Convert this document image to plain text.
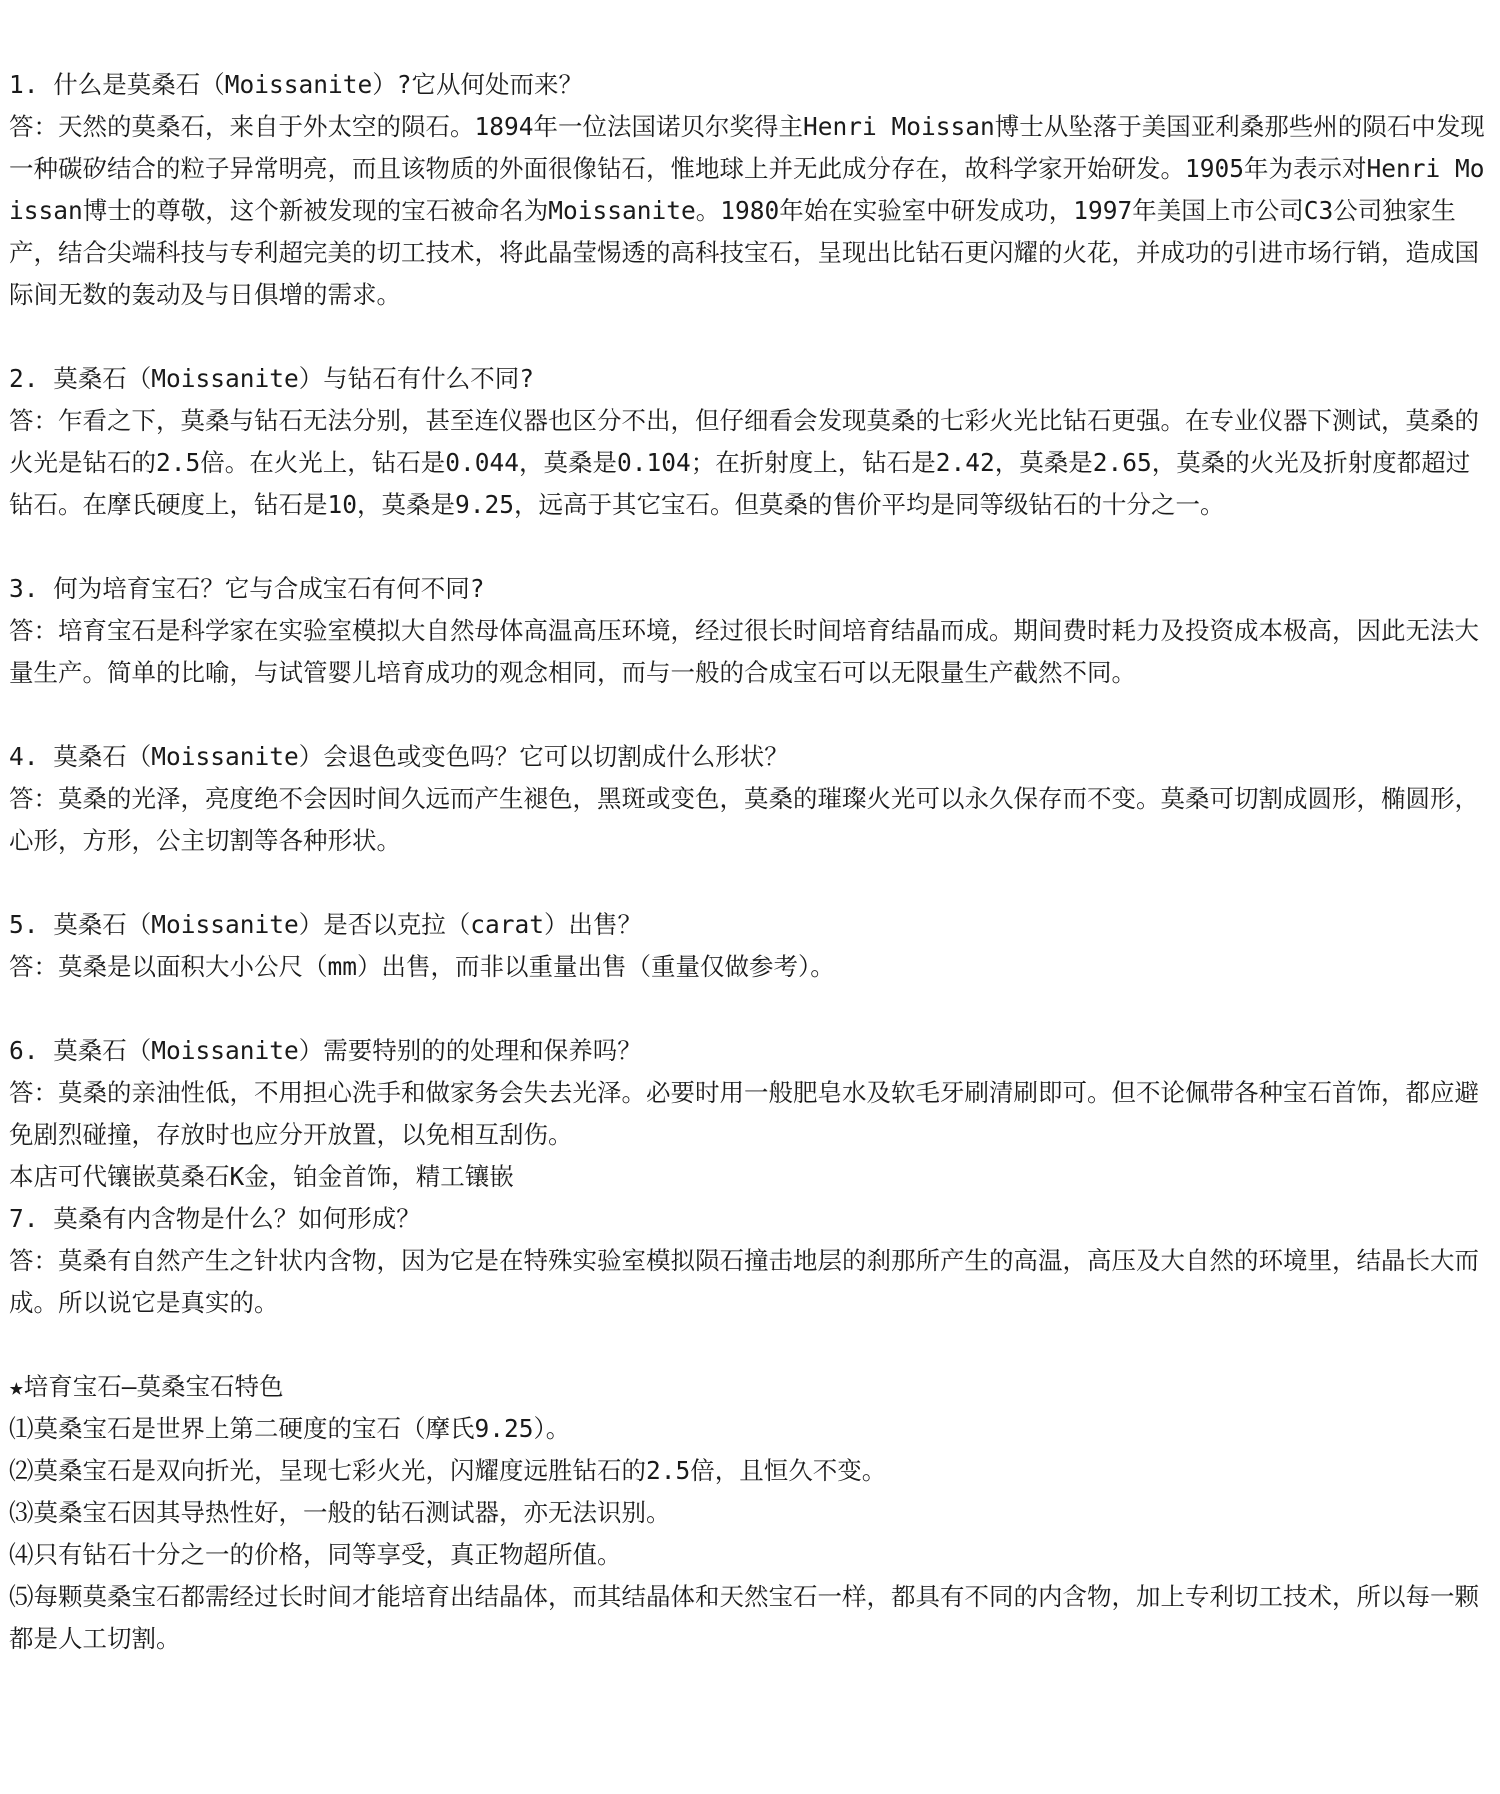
1. 什么是莫桑石（Moissanite）?它从何处而来？
答：天然的莫桑石，来自于外太空的陨石。1894年一位法国诺贝尔奖得主Henri Moissan博士从坠落于美国亚利桑那些州的陨石中发现一种碳矽结合的粒子异常明亮，而且该物质的外面很像钻石，惟地球上并无此成分存在，故科学家开始研发。1905年为表示对Henri Moissan博士的尊敬，这个新被发现的宝石被命名为Moissanite。1980年始在实验室中研发成功，1997年美国上市公司C3公司独家生产，结合尖端科技与专利超完美的切工技术，将此晶莹惕透的高科技宝石，呈现出比钻石更闪耀的火花，并成功的引进市场行销，造成国际间无数的轰动及与日俱增的需求。
2. 莫桑石（Moissanite）与钻石有什么不同?
答：乍看之下，莫桑与钻石无法分别，甚至连仪器也区分不出，但仔细看会发现莫桑的七彩火光比钻石更强。在专业仪器下测试，莫桑的火光是钻石的2.5倍。在火光上，钻石是0.044，莫桑是0.104；在折射度上，钻石是2.42，莫桑是2.65，莫桑的火光及折射度都超过钻石。在摩氏硬度上，钻石是10，莫桑是9.25，远高于其它宝石。但莫桑的售价平均是同等级钻石的十分之一。
3. 何为培育宝石？它与合成宝石有何不同?
答：培育宝石是科学家在实验室模拟大自然母体高温高压环境，经过很长时间培育结晶而成。期间费时耗力及投资成本极高，因此无法大量生产。简单的比喻，与试管婴儿培育成功的观念相同，而与一般的合成宝石可以无限量生产截然不同。
4. 莫桑石（Moissanite）会退色或变色吗？它可以切割成什么形状？
答：莫桑的光泽，亮度绝不会因时间久远而产生褪色，黑斑或变色，莫桑的璀璨火光可以永久保存而不变。莫桑可切割成圆形，椭圆形，心形，方形，公主切割等各种形状。
5. 莫桑石（Moissanite）是否以克拉（carat）出售？
答：莫桑是以面积大小公尺（mm）出售，而非以重量出售（重量仅做参考）。
6. 莫桑石（Moissanite）需要特别的的处理和保养吗？
答：莫桑的亲油性低，不用担心洗手和做家务会失去光泽。必要时用一般肥皂水及软毛牙刷清刷即可。但不论佩带各种宝石首饰，都应避免剧烈碰撞，存放时也应分开放置，以免相互刮伤。
本店可代镶嵌莫桑石K金，铂金首饰，精工镶嵌
7. 莫桑有内含物是什么？如何形成？
答：莫桑有自然产生之针状内含物，因为它是在特殊实验室模拟陨石撞击地层的刹那所产生的高温，高压及大自然的环境里，结晶长大而成。所以说它是真实的。
★培育宝石—莫桑宝石特色
⑴莫桑宝石是世界上第二硬度的宝石（摩氏9.25）。
⑵莫桑宝石是双向折光，呈现七彩火光，闪耀度远胜钻石的2.5倍，且恒久不变。
⑶莫桑宝石因其导热性好，一般的钻石测试器，亦无法识别。
⑷只有钻石十分之一的价格，同等享受，真正物超所值。
⑸每颗莫桑宝石都需经过长时间才能培育出结晶体，而其结晶体和天然宝石一样，都具有不同的内含物，加上专利切工技术，所以每一颗都是人工切割。
